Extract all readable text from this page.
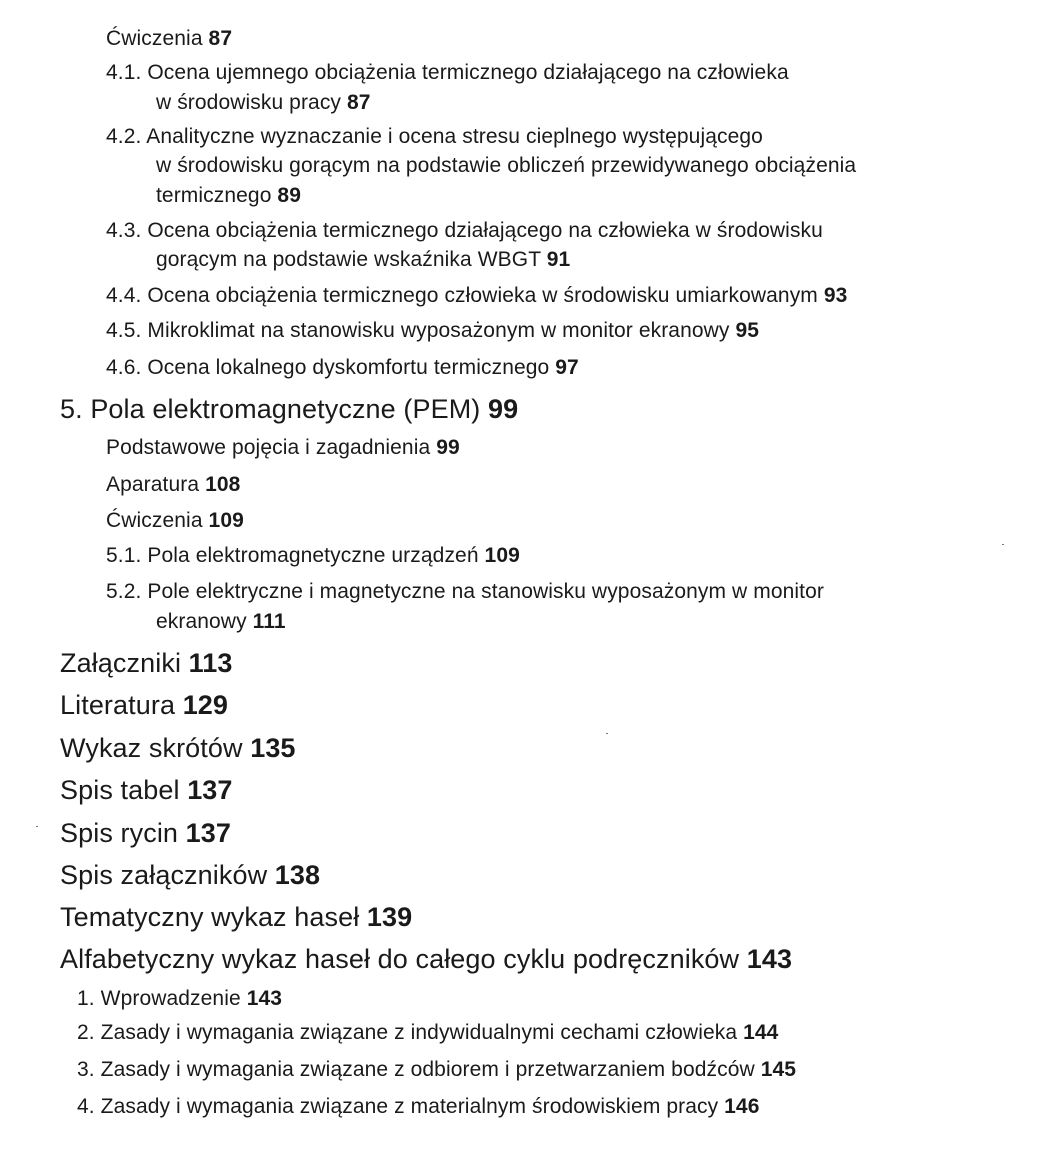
Ćwiczenia 87
4.1. Ocena ujemnego obciążenia termicznego działającego na człowieka
w środowisku pracy 87
4.2. Analityczne wyznaczanie i ocena stresu cieplnego występującego
w środowisku gorącym na podstawie obliczeń przewidywanego obciążenia
termicznego 89
4.3. Ocena obciążenia termicznego działającego na człowieka w środowisku
gorącym na podstawie wskaźnika WBGT 91
4.4. Ocena obciążenia termicznego człowieka w środowisku umiarkowanym 93
4.5. Mikroklimat na stanowisku wyposażonym w monitor ekranowy 95
4.6. Ocena lokalnego dyskomfortu termicznego 97
5. Pola elektromagnetyczne (PEM) 99
Podstawowe pojęcia i zagadnienia 99
Aparatura 108
Ćwiczenia 109
5.1. Pola elektromagnetyczne urządzeń 109
5.2. Pole elektryczne i magnetyczne na stanowisku wyposażonym w monitor
ekranowy 111
Załączniki 113
Literatura 129
Wykaz skrótów 135
Spis tabel 137
Spis rycin 137
Spis załączników 138
Tematyczny wykaz haseł 139
Alfabetyczny wykaz haseł do całego cyklu podręczników 143
1. Wprowadzenie 143
2. Zasady i wymagania związane z indywidualnymi cechami człowieka 144
3. Zasady i wymagania związane z odbiorem i przetwarzaniem bodźców 145
4. Zasady i wymagania związane z materialnym środowiskiem pracy 146
